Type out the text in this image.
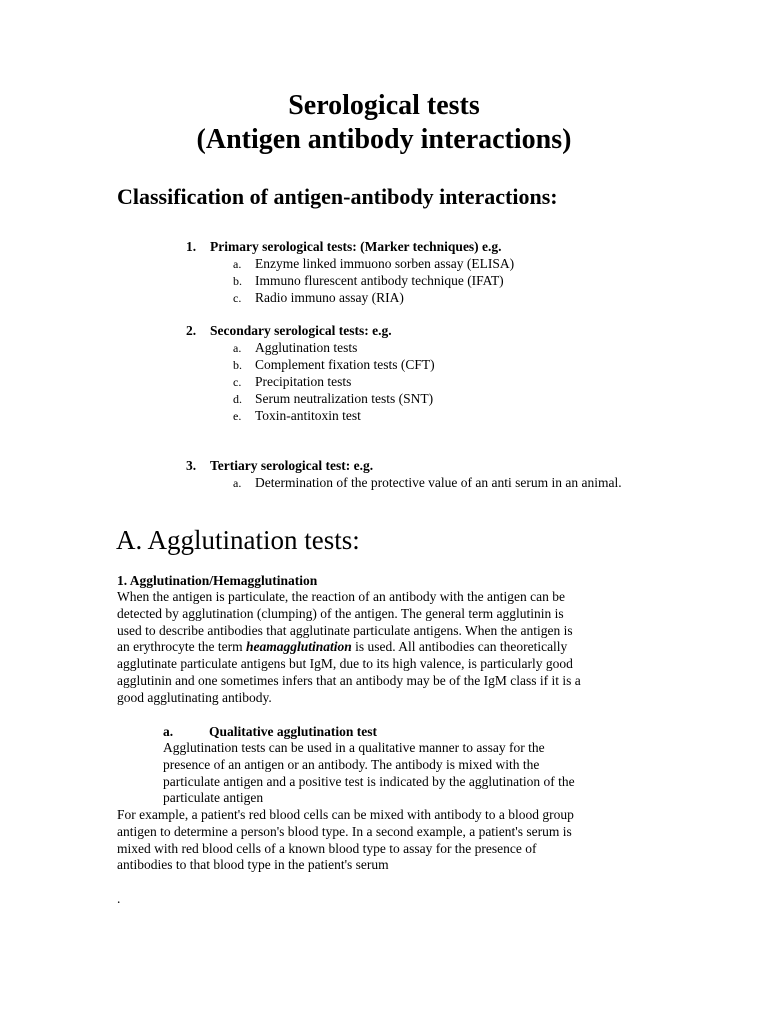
Serological tests
(Antigen antibody interactions)
Classification of antigen-antibody interactions:
1. Primary serological tests: (Marker techniques) e.g.
a. Enzyme linked immuono sorben assay (ELISA)
b. Immuno flurescent antibody technique (IFAT)
c. Radio immuno assay (RIA)
2. Secondary serological tests: e.g.
a. Agglutination tests
b. Complement fixation tests (CFT)
c. Precipitation tests
d. Serum neutralization tests (SNT)
e. Toxin-antitoxin test
3. Tertiary serological test: e.g.
a. Determination of the protective value of an anti serum in an animal.
A. Agglutination tests:
1. Agglutination/Hemagglutination
When the antigen is particulate, the reaction of an antibody with the antigen can be
detected by agglutination (clumping) of the antigen. The general term agglutinin is
used to describe antibodies that agglutinate particulate antigens. When the antigen is
an erythrocyte the term heamagglutination is used. All antibodies can theoretically
agglutinate particulate antigens but IgM, due to its high valence, is particularly good
agglutinin and one sometimes infers that an antibody may be of the IgM class if it is a
good agglutinating antibody.
a.	Qualitative agglutination test
Agglutination tests can be used in a qualitative manner to assay for the
presence of an antigen or an antibody. The antibody is mixed with the
particulate antigen and a positive test is indicated by the agglutination of the
particulate antigen
For example, a patient's red blood cells can be mixed with antibody to a blood group
antigen to determine a person's blood type. In a second example, a patient's serum is
mixed with red blood cells of a known blood type to assay for the presence of
antibodies to that blood type in the patient's serum
.
